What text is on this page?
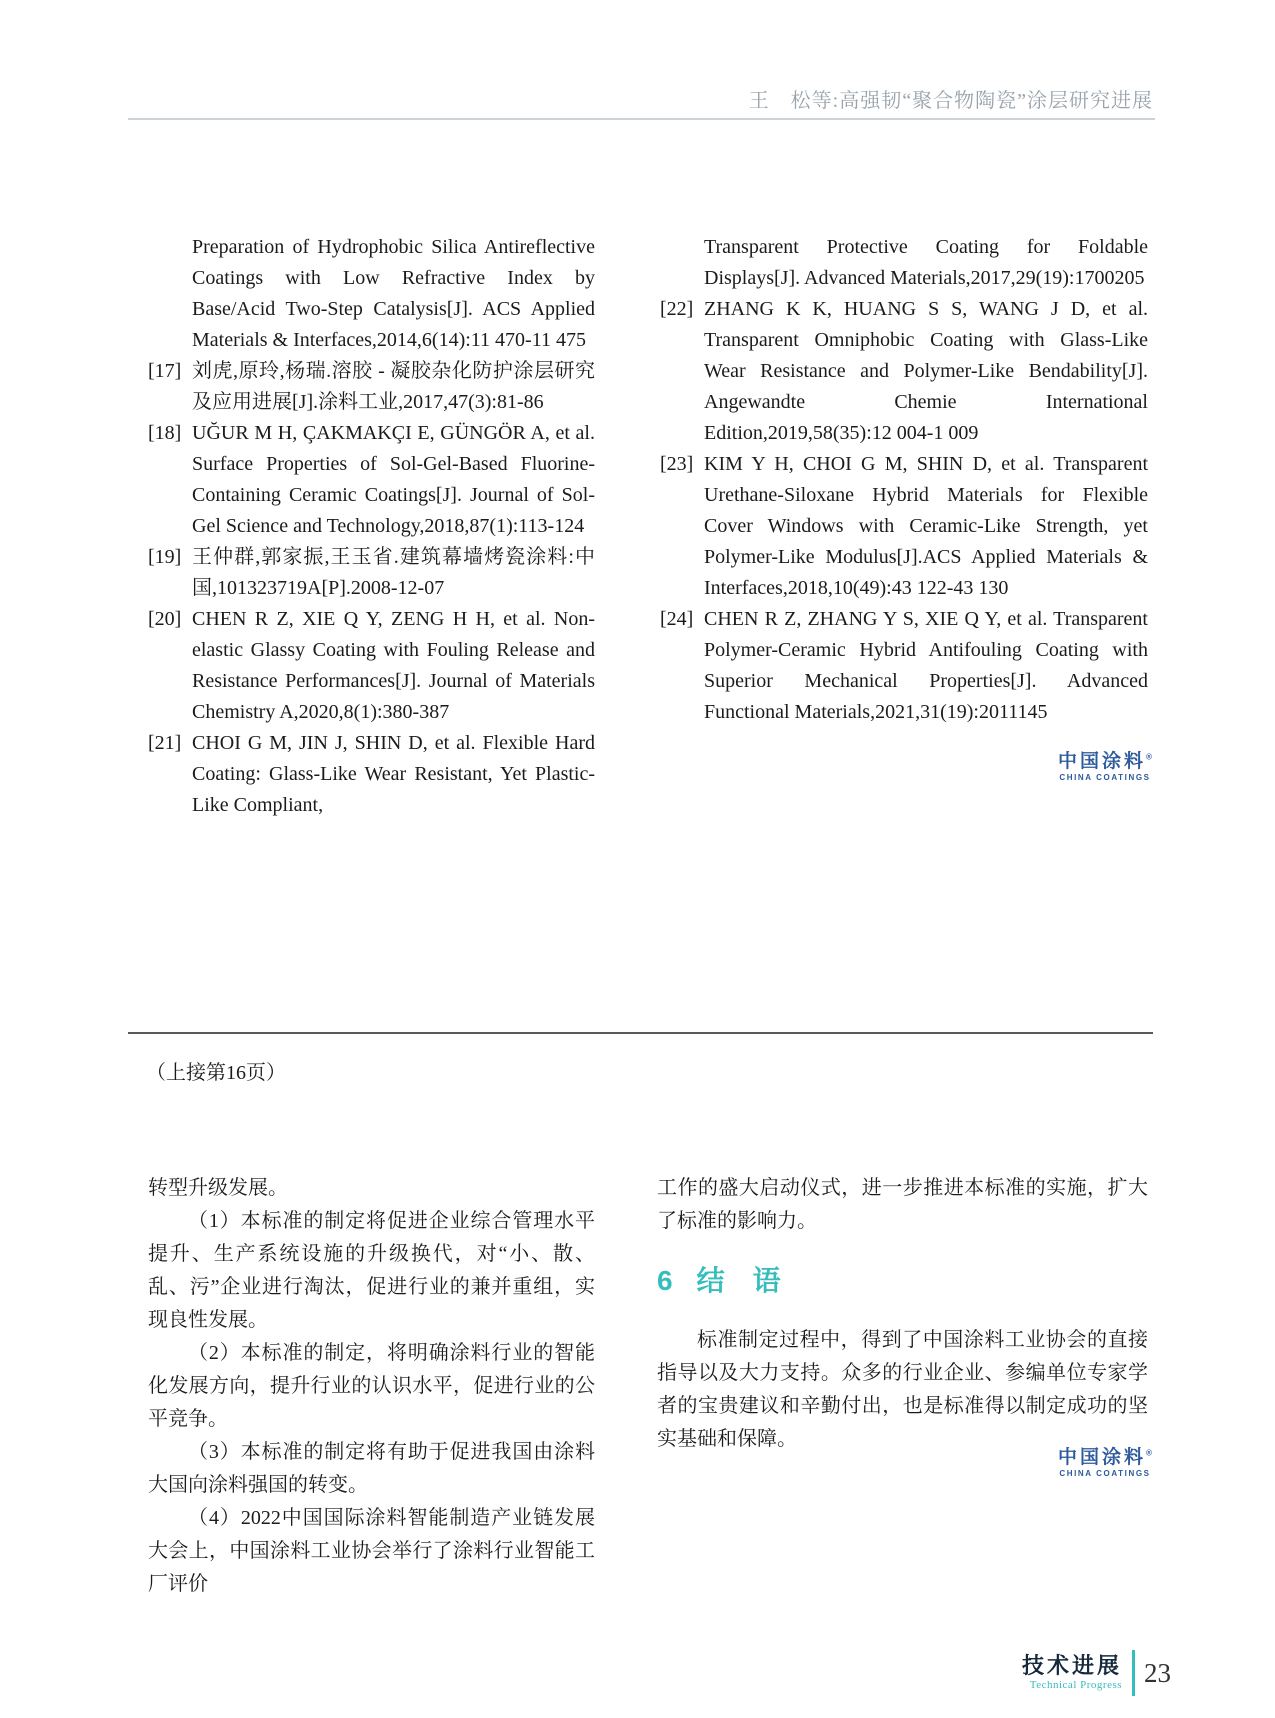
王　松等:高强韧“聚合物陶瓷”涂层研究进展
Preparation of Hydrophobic Silica Antireflective Coatings with Low Refractive Index by Base/Acid Two-Step Catalysis[J]. ACS Applied Materials & Interfaces,2014,6(14):11 470-11 475
[17] 刘虎,原玲,杨瑞.溶胶 - 凝胶杂化防护涂层研究及应用进展[J].涂料工业,2017,47(3):81-86
[18] UĞUR M H, ÇAKMAKÇI E, GÜNGÖR A, et al. Surface Properties of Sol-Gel-Based Fluorine-Containing Ceramic Coatings[J]. Journal of Sol-Gel Science and Technology,2018,87(1):113-124
[19] 王仲群,郭家振,王玉省.建筑幕墙烤瓷涂料:中国,101323719A[P].2008-12-07
[20] CHEN R Z, XIE Q Y, ZENG H H, et al. Non-elastic Glassy Coating with Fouling Release and Resistance Performances[J]. Journal of Materials Chemistry A,2020,8(1):380-387
[21] CHOI G M, JIN J, SHIN D, et al. Flexible Hard Coating: Glass-Like Wear Resistant, Yet Plastic-Like Compliant,
Transparent Protective Coating for Foldable Displays[J]. Advanced Materials,2017,29(19):1700205
[22] ZHANG K K, HUANG S S, WANG J D, et al. Transparent Omniphobic Coating with Glass-Like Wear Resistance and Polymer-Like Bendability[J]. Angewandte Chemie International Edition,2019,58(35):12 004-1 009
[23] KIM Y H, CHOI G M, SHIN D, et al. Transparent Urethane-Siloxane Hybrid Materials for Flexible Cover Windows with Ceramic-Like Strength, yet Polymer-Like Modulus[J].ACS Applied Materials & Interfaces,2018,10(49):43 122-43 130
[24] CHEN R Z, ZHANG Y S, XIE Q Y, et al. Transparent Polymer-Ceramic Hybrid Antifouling Coating with Superior Mechanical Properties[J]. Advanced Functional Materials,2021,31(19):2011145
中国涂料®
CHINA COATINGS
（上接第16页）

转型升级发展。

（1）本标准的制定将促进企业综合管理水平提升、生产系统设施的升级换代，对“小、散、乱、污”企业进行淘汰，促进行业的兼并重组，实现良性发展。

（2）本标准的制定，将明确涂料行业的智能化发展方向，提升行业的认识水平，促进行业的公平竞争。

（3）本标准的制定将有助于促进我国由涂料大国向涂料强国的转变。

（4）2022中国国际涂料智能制造产业链发展大会上，中国涂料工业协会举行了涂料行业智能工厂评价

工作的盛大启动仪式，进一步推进本标准的实施，扩大了标准的影响力。

6 结　语

标准制定过程中，得到了中国涂料工业协会的直接指导以及大力支持。众多的行业企业、参编单位专家学者的宝贵建议和辛勤付出，也是标准得以制定成功的坚实基础和保障。

中国涂料®
CHINA COATINGS
技术进展
Technical Progress 23
